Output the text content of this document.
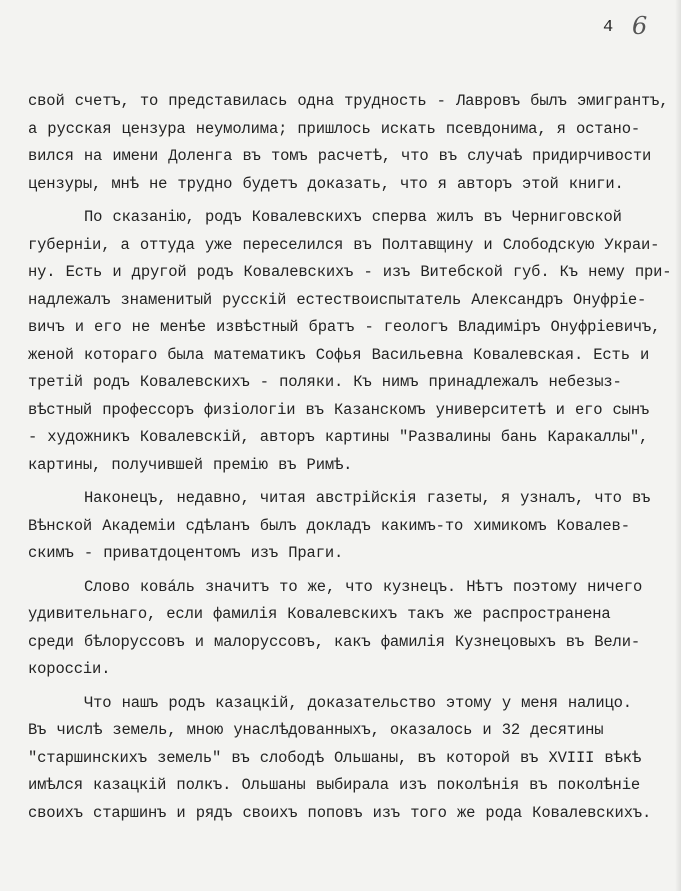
4 6
свой счетъ, то представилась одна трудность - Лавровъ былъ эмигрантъ,
а русская цензура неумолима; пришлось искать псевдонима, я остано-
вился на имени Доленга въ томъ расчетѣ, что въ случаѣ придирчивости
цензуры, мнѣ не трудно будетъ доказать, что я авторъ этой книги.
По сказанію, родъ Ковалевскихъ сперва жилъ въ Черниговской
губерніи, а оттуда уже переселился въ Полтавщину и Слободскую Украи-
ну. Есть и другой родъ Ковалевскихъ - изъ Витебской губ. Къ нему при-
надлежалъ знаменитый русскій естествоиспытатель Александръ Онуфріе-
вичъ и его не менѣе извѣстный братъ - геологъ Владиміръ Онуфріевичъ,
женой котораго была математикъ Софья Васильевна Ковалевская. Есть и
третій родъ Ковалевскихъ - поляки. Къ нимъ принадлежалъ небезыз-
вѣстный профессоръ физіологіи въ Казанскомъ университетѣ и его сынъ
- художникъ Ковалевскій, авторъ картины "Развалины бань Каракаллы",
картины, получившей премію въ Римѣ.
Наконецъ, недавно, читая австрійскія газеты, я узналъ, что въ
Вѣнской Академіи сдѣланъ былъ докладъ какимъ-то химикомъ Ковалев-
скимъ - приватдоцентомъ изъ Праги.
Слово ковáль значитъ то же, что кузнецъ. Нѣтъ поэтому ничего
удивительнаго, если фамилія Ковалевскихъ такъ же распространена
среди бѣлоруссовъ и малоруссовъ, какъ фамилія Кузнецовыхъ въ Вели-
короссіи.
Что нашъ родъ казацкій, доказательство этому у меня налицо.
Въ числѣ земель, мною унаслѣдованныхъ, оказалось и 32 десятины
"старшинскихъ земель" въ слободѣ Ольшаны, въ которой въ XVIII вѣкѣ
имѣлся казацкій полкъ. Ольшаны выбирала изъ поколѣнія въ поколѣніе
своихъ старшинъ и рядъ своихъ поповъ изъ того же рода Ковалевскихъ.
